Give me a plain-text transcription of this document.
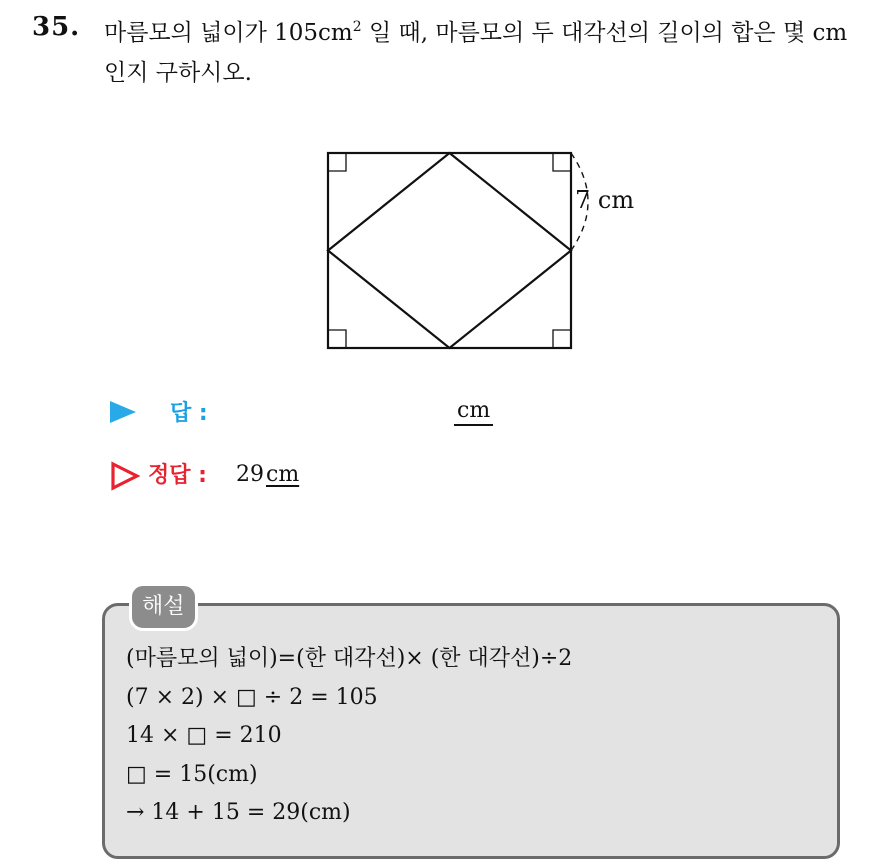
35. 마름모의 넓이가 $105cm^2$ 일 때, 마름모의 두 대각선의 길이의 합은 몇 cm 인지 구하시오.
7 cm
답 :	cm
정답 : 29cm
해설
(마름모의 넓이)=(한 대각선)× (한 대각선)÷2
(7 × 2) × □ ÷ 2 = 105
14 × □ = 210
□ = 15(cm)
→ 14 + 15 = 29(cm)
